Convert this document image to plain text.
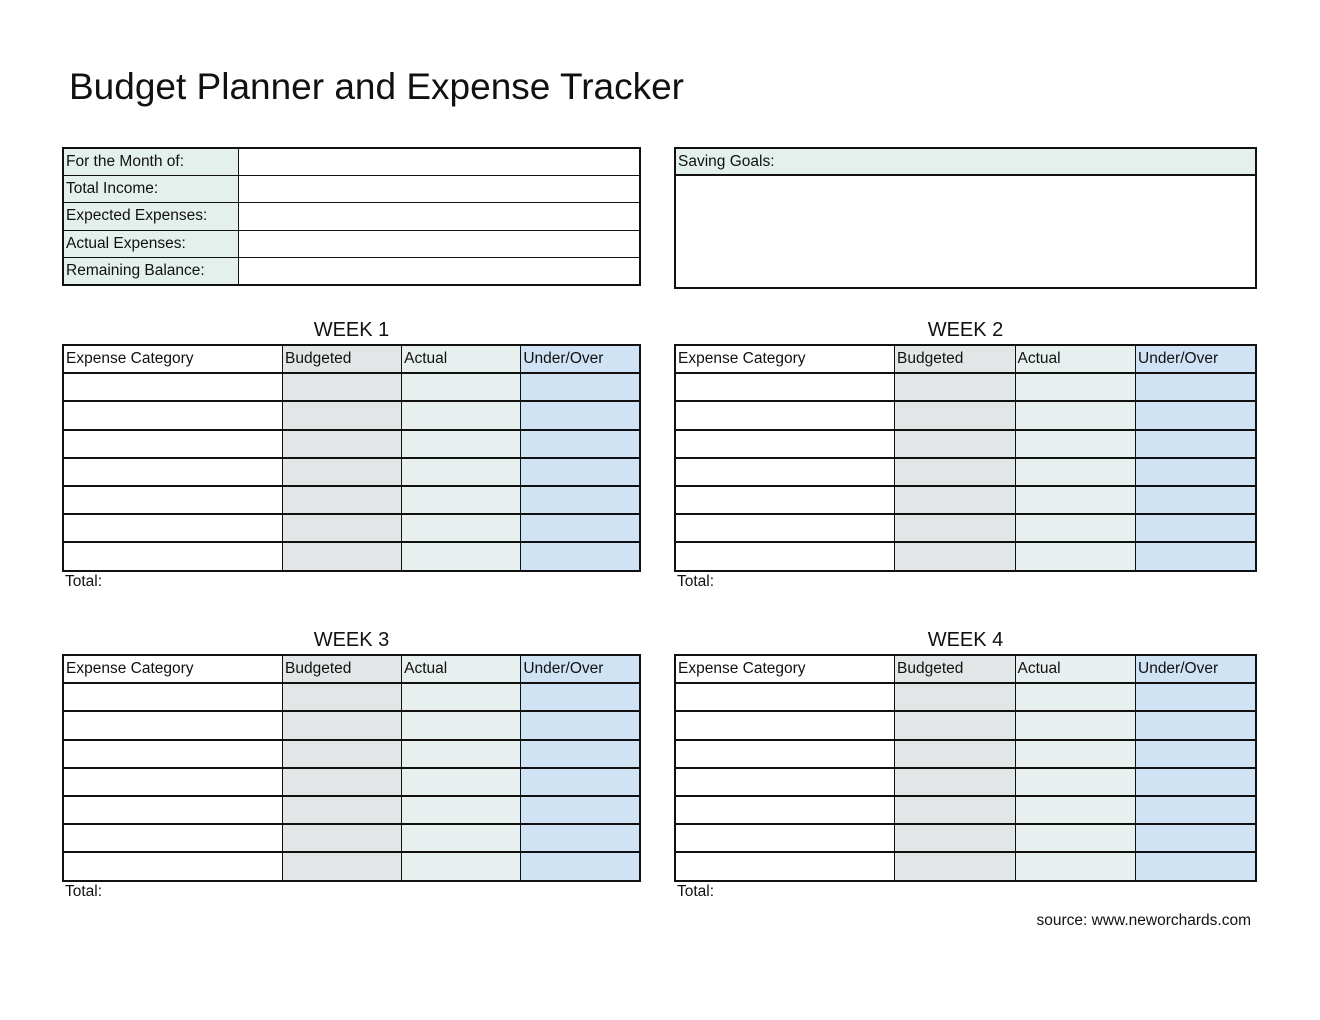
Budget Planner and Expense Tracker
For the Month of:	
Total Income:	
Expected Expenses:	
Actual Expenses:	
Remaining Balance:	
Saving Goals:
WEEK 1
Expense Category	Budgeted	Actual	Under/Over

Total:
WEEK 2
Expense Category	Budgeted	Actual	Under/Over

Total:
WEEK 3
Expense Category	Budgeted	Actual	Under/Over

Total:
WEEK 4
Expense Category	Budgeted	Actual	Under/Over

Total:
source: www.neworchards.com
